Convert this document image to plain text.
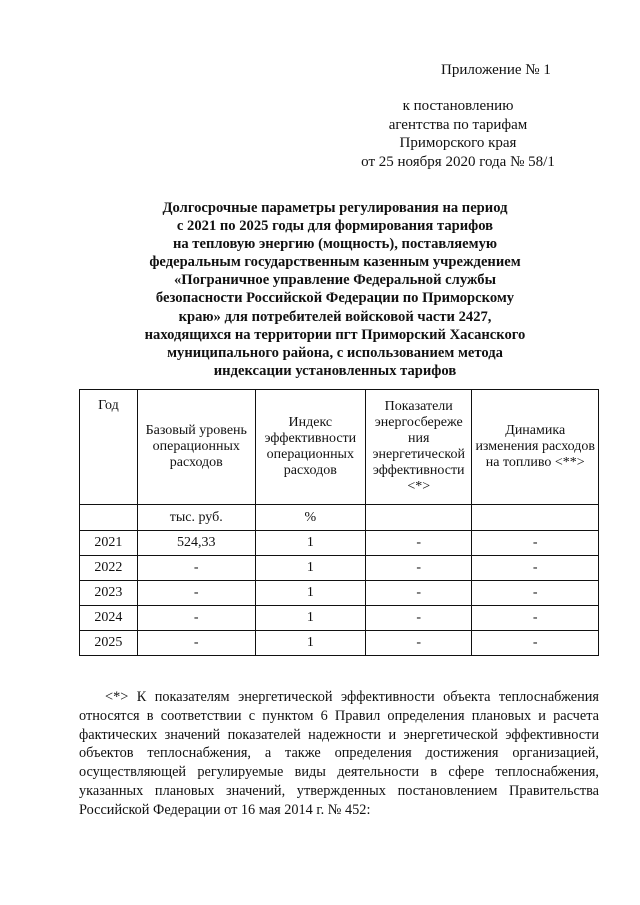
Приложение № 1
к постановлению
агентства по тарифам
Приморского края
от 25 ноября 2020 года № 58/1
Долгосрочные параметры регулирования на период
с 2021 по 2025 годы для формирования тарифов
на тепловую энергию (мощность), поставляемую
федеральным государственным казенным учреждением
«Пограничное управление Федеральной службы
безопасности Российской Федерации по Приморскому
краю» для потребителей войсковой части 2427,
находящихся на территории пгт Приморский Хасанского
муниципального района, с использованием метода
индексации установленных тарифов
Год	Базовый уровень операционных расходов	Индекс эффективности операционных расходов	Показатели энергосбереже ния энергетической эффективности <*>	Динамика изменения расходов на топливо <**>
	тыс. руб.	%		
2021	524,33	1	-	-
2022	-	1	-	-
2023	-	1	-	-
2024	-	1	-	-
2025	-	1	-	-

<*> К показателям энергетической эффективности объекта теплоснабжения относятся в соответствии с пунктом 6 Правил определения плановых и расчета фактических значений показателей надежности и энергетической эффективности объектов теплоснабжения, а также определения достижения организацией, осуществляющей регулируемые виды деятельности в сфере теплоснабжения, указанных плановых значений, утвержденных постановлением Правительства Российской Федерации от 16 мая 2014 г. № 452:
